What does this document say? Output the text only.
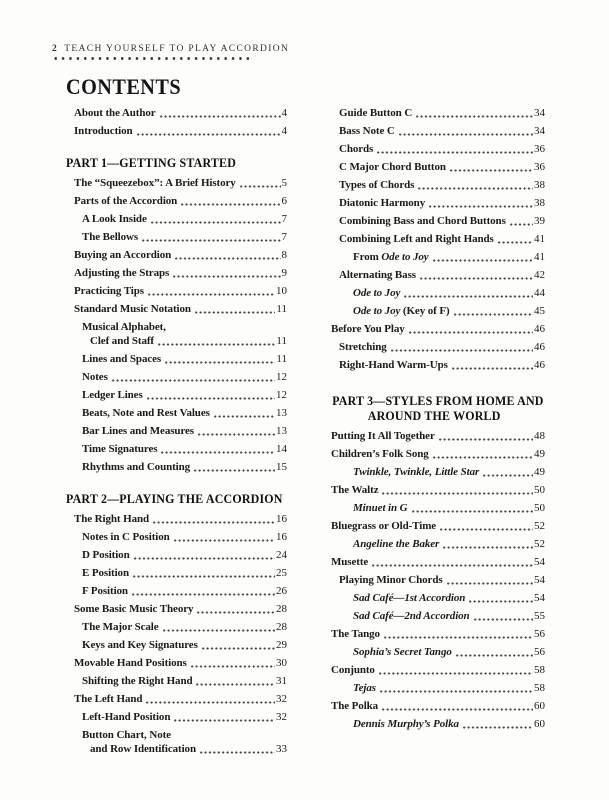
2 TEACH YOURSELF TO PLAY ACCORDION
CONTENTS
About the Author	4
Introduction	4
PART 1—GETTING STARTED
The “Squeezebox”: A Brief History	5
Parts of the Accordion	6
A Look Inside	7
The Bellows	7
Buying an Accordion	8
Adjusting the Straps	9
Practicing Tips	10
Standard Music Notation	11
Musical Alphabet,
Clef and Staff	11
Lines and Spaces	11
Notes	12
Ledger Lines	12
Beats, Note and Rest Values	13
Bar Lines and Measures	13
Time Signatures	14
Rhythms and Counting	15
PART 2—PLAYING THE ACCORDION
The Right Hand	16
Notes in C Position	16
D Position	24
E Position	25
F Position	26
Some Basic Music Theory	28
The Major Scale	28
Keys and Key Signatures	29
Movable Hand Positions	30
Shifting the Right Hand	31
The Left Hand	32
Left-Hand Position	32
Button Chart, Note
and Row Identification	33
Guide Button C	34
Bass Note C	34
Chords	36
C Major Chord Button	36
Types of Chords	38
Diatonic Harmony	38
Combining Bass and Chord Buttons	39
Combining Left and Right Hands	41
From Ode to Joy	41
Alternating Bass	42
Ode to Joy	44
Ode to Joy (Key of F)	45
Before You Play	46
Stretching	46
Right-Hand Warm-Ups	46
PART 3—STYLES FROM HOME AND
AROUND THE WORLD
Putting It All Together	48
Children’s Folk Song	49
Twinkle, Twinkle, Little Star	49
The Waltz	50
Minuet in G	50
Bluegrass or Old-Time	52
Angeline the Baker	52
Musette	54
Playing Minor Chords	54
Sad Café—1st Accordion	54
Sad Café—2nd Accordion	55
The Tango	56
Sophia’s Secret Tango	56
Conjunto	58
Tejas	58
The Polka	60
Dennis Murphy’s Polka	60
